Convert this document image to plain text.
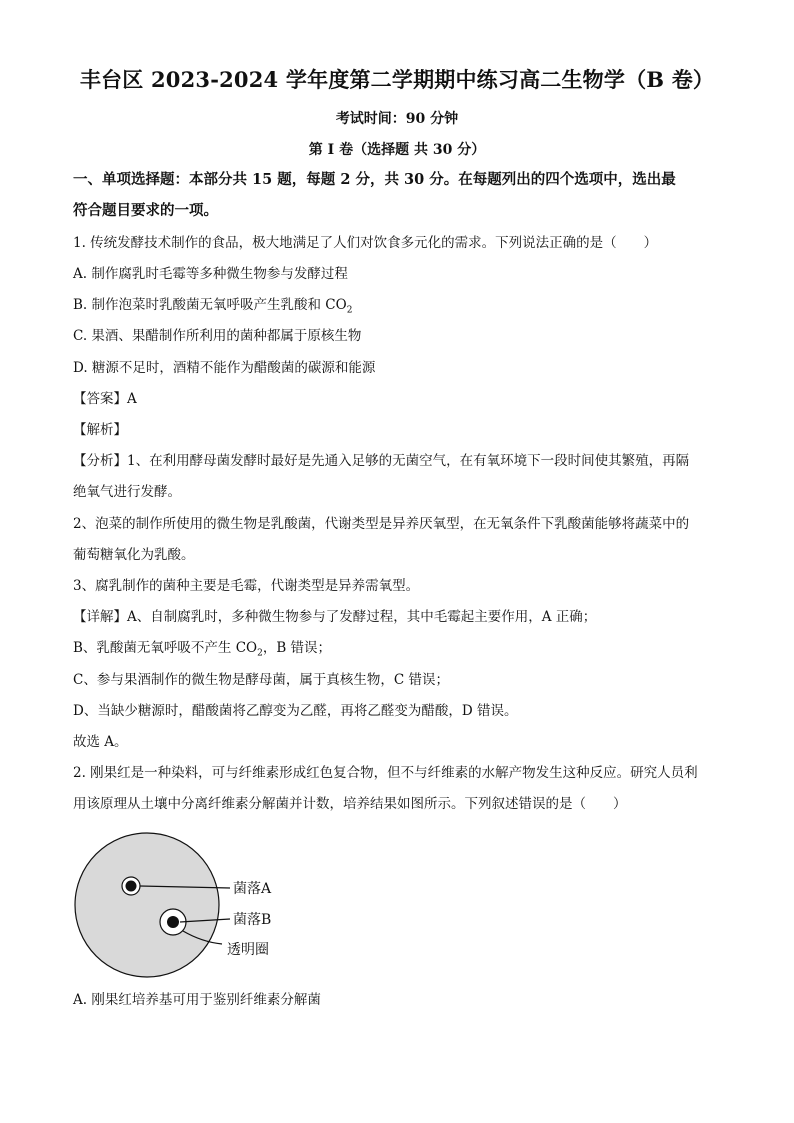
丰台区 2023-2024 学年度第二学期期中练习高二生物学（B 卷）
考试时间：90 分钟
第 I 卷（选择题 共 30 分）
一、单项选择题：本部分共 15 题，每题 2 分，共 30 分。在每题列出的四个选项中，选出最
符合题目要求的一项。
1. 传统发酵技术制作的食品，极大地满足了人们对饮食多元化的需求。下列说法正确的是（　　）
A. 制作腐乳时毛霉等多种微生物参与发酵过程
B. 制作泡菜时乳酸菌无氧呼吸产生乳酸和 $CO_2$
C. 果酒、果醋制作所利用的菌种都属于原核生物
D. 糖源不足时，酒精不能作为醋酸菌的碳源和能源
【答案】A
【解析】
【分析】1、在利用酵母菌发酵时最好是先通入足够的无菌空气，在有氧环境下一段时间使其繁殖，再隔
绝氧气进行发酵。
2、泡菜的制作所使用的微生物是乳酸菌，代谢类型是异养厌氧型，在无氧条件下乳酸菌能够将蔬菜中的
葡萄糖氧化为乳酸。
3、腐乳制作的菌种主要是毛霉，代谢类型是异养需氧型。
【详解】A、自制腐乳时，多种微生物参与了发酵过程，其中毛霉起主要作用，A 正确；
B、乳酸菌无氧呼吸不产生 $CO_2$，B 错误；
C、参与果酒制作的微生物是酵母菌，属于真核生物，C 错误；
D、当缺少糖源时，醋酸菌将乙醇变为乙醛，再将乙醛变为醋酸，D 错误。
故选 A。
2. 刚果红是一种染料，可与纤维素形成红色复合物，但不与纤维素的水解产物发生这种反应。研究人员利
用该原理从土壤中分离纤维素分解菌并计数，培养结果如图所示。下列叙述错误的是（　　）
菌落A
菌落B
透明圈
A. 刚果红培养基可用于鉴别纤维素分解菌
